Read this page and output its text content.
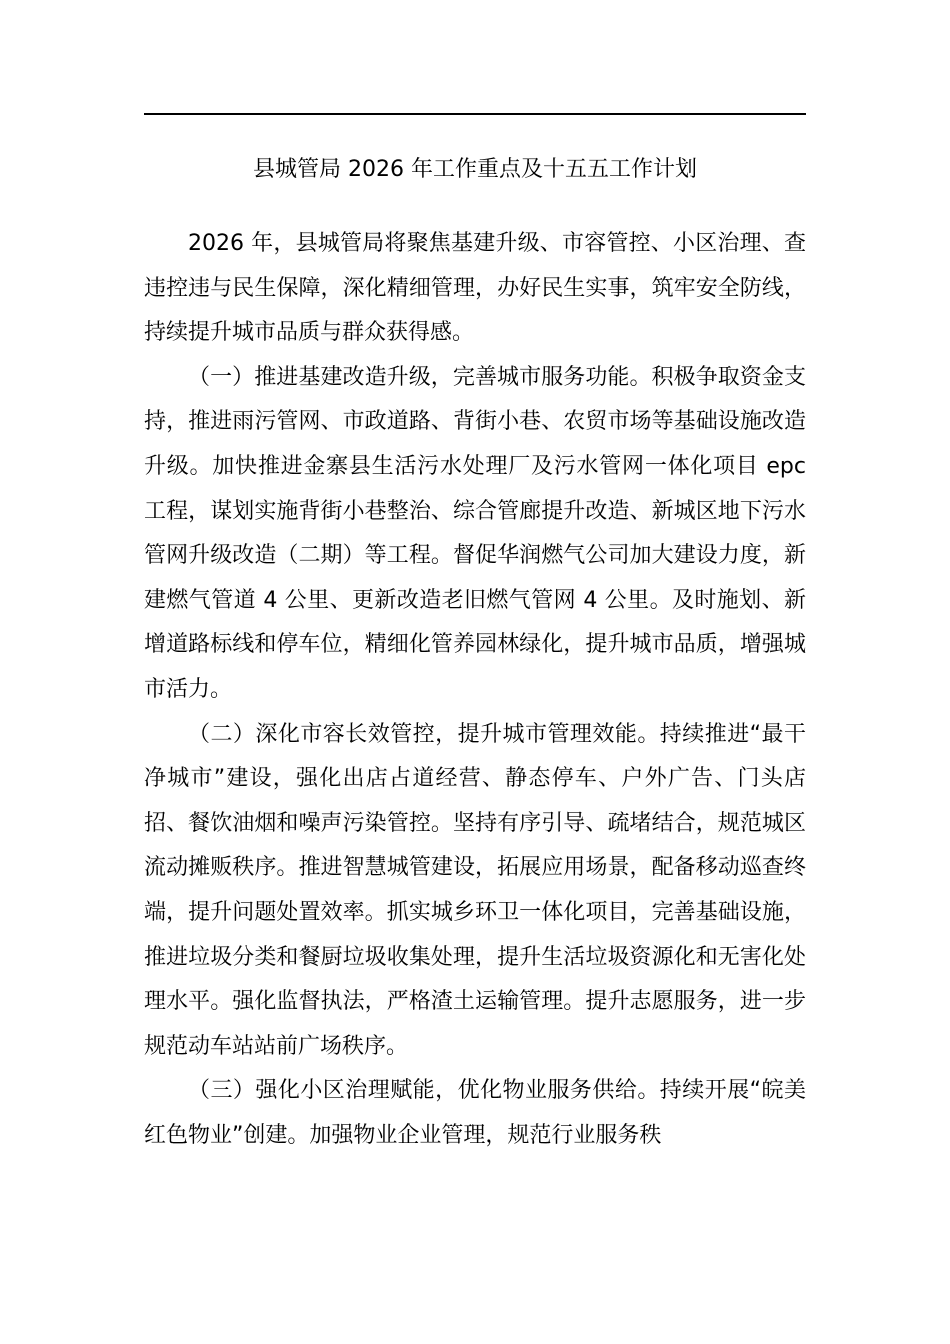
县城管局 2026 年工作重点及十五五工作计划

2026 年，县城管局将聚焦基建升级、市容管控、小区治理、查违控违与民生保障，深化精细管理，办好民生实事，筑牢安全防线，持续提升城市品质与群众获得感。

（一）推进基建改造升级，完善城市服务功能。积极争取资金支持，推进雨污管网、市政道路、背街小巷、农贸市场等基础设施改造升级。加快推进金寨县生活污水处理厂及污水管网一体化项目 epc 工程，谋划实施背街小巷整治、综合管廊提升改造、新城区地下污水管网升级改造（二期）等工程。督促华润燃气公司加大建设力度，新建燃气管道 4 公里、更新改造老旧燃气管网 4 公里。及时施划、新增道路标线和停车位，精细化管养园林绿化，提升城市品质，增强城市活力。

（二）深化市容长效管控，提升城市管理效能。持续推进“最干净城市”建设，强化出店占道经营、静态停车、户外广告、门头店招、餐饮油烟和噪声污染管控。坚持有序引导、疏堵结合，规范城区流动摊贩秩序。推进智慧城管建设，拓展应用场景，配备移动巡查终端，提升问题处置效率。抓实城乡环卫一体化项目，完善基础设施，推进垃圾分类和餐厨垃圾收集处理，提升生活垃圾资源化和无害化处理水平。强化监督执法，严格渣土运输管理。提升志愿服务，进一步规范动车站站前广场秩序。

（三）强化小区治理赋能，优化物业服务供给。持续开展“皖美红色物业”创建。加强物业企业管理，规范行业服务秩
